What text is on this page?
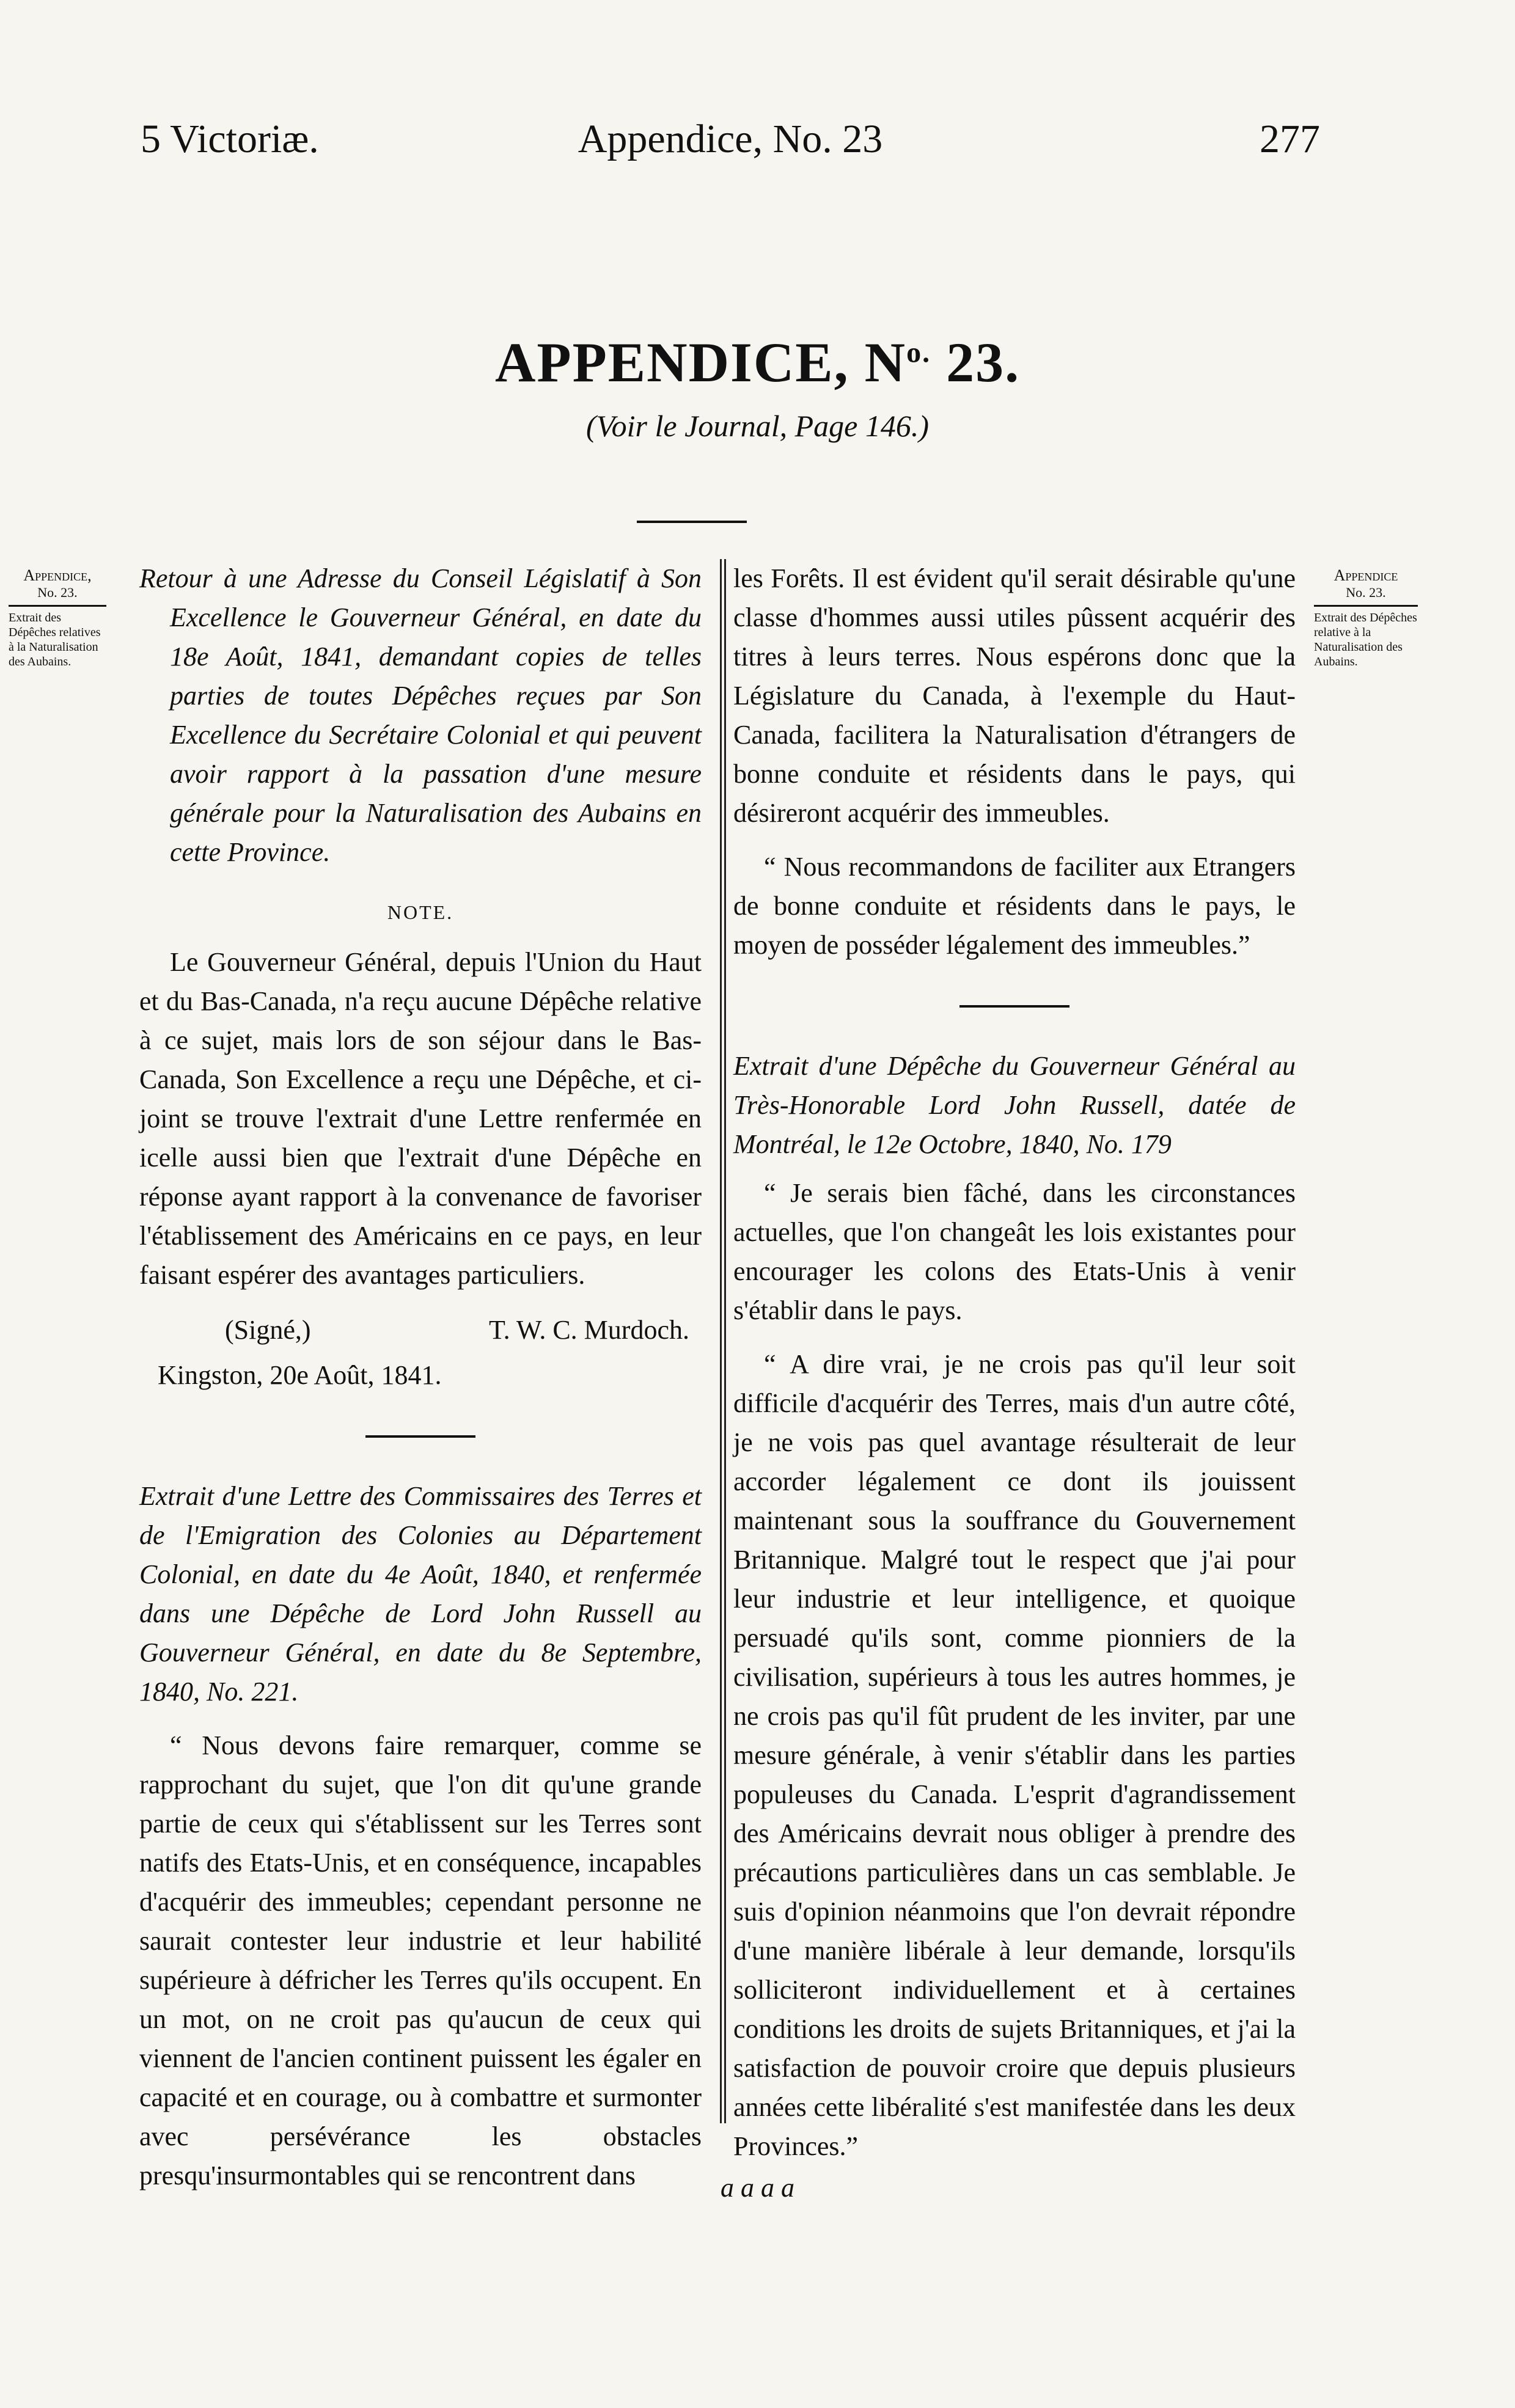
5 Victoriæ.	Appendice, No. 23	277
APPENDICE, $N^{o.}$ 23.
(Voir le Journal, Page 146.)
Appendice,
No. 23.
Extrait des Dépêches relatives à la Naturalisation des Aubains.
Appendice
No. 23.
Extrait des Dépêches relative à la Naturalisation des Aubains.

Retour à une Adresse du Conseil Législatif à Son Excellence le Gouverneur Général, en date du 18e Août, 1841, demandant copies de telles parties de toutes Dépêches reçues par Son Excellence du Secrétaire Colonial et qui peuvent avoir rapport à la passation d'une mesure générale pour la Naturalisation des Aubains en cette Province.

NOTE.

Le Gouverneur Général, depuis l'Union du Haut et du Bas-Canada, n'a reçu aucune Dépêche relative à ce sujet, mais lors de son séjour dans le Bas-Canada, Son Excellence a reçu une Dépêche, et ci-joint se trouve l'extrait d'une Lettre renfermée en icelle aussi bien que l'extrait d'une Dépêche en réponse ayant rapport à la convenance de favoriser l'établissement des Américains en ce pays, en leur faisant espérer des avantages particuliers.

(Signé,)	T. W. C. Murdoch.

Kingston, 20e Août, 1841.

Extrait d'une Lettre des Commissaires des Terres et de l'Emigration des Colonies au Département Colonial, en date du 4e Août, 1840, et renfermée dans une Dépêche de Lord John Russell au Gouverneur Général, en date du 8e Septembre, 1840, No. 221.

“ Nous devons faire remarquer, comme se rapprochant du sujet, que l'on dit qu'une grande partie de ceux qui s'établissent sur les Terres sont natifs des Etats-Unis, et en conséquence, incapables d'acquérir des immeubles; cependant personne ne saurait contester leur industrie et leur habilité supérieure à défricher les Terres qu'ils occupent. En un mot, on ne croit pas qu'aucun de ceux qui viennent de l'ancien continent puissent les égaler en capacité et en courage, ou à combattre et surmonter avec persévérance les obstacles presqu'insurmontables qui se rencontrent dans

les Forêts. Il est évident qu'il serait désirable qu'une classe d'hommes aussi utiles pûssent acquérir des titres à leurs terres. Nous espérons donc que la Législature du Canada, à l'exemple du Haut-Canada, facilitera la Naturalisation d'étrangers de bonne conduite et résidents dans le pays, qui désireront acquérir des immeubles.

“ Nous recommandons de faciliter aux Etrangers de bonne conduite et résidents dans le pays, le moyen de posséder légalement des immeubles.”

Extrait d'une Dépêche du Gouverneur Général au Très-Honorable Lord John Russell, datée de Montréal, le 12e Octobre, 1840, No. 179

“ Je serais bien fâché, dans les circonstances actuelles, que l'on changeât les lois existantes pour encourager les colons des Etats-Unis à venir s'établir dans le pays.

“ A dire vrai, je ne crois pas qu'il leur soit difficile d'acquérir des Terres, mais d'un autre côté, je ne vois pas quel avantage résulterait de leur accorder légalement ce dont ils jouissent maintenant sous la souffrance du Gouvernement Britannique. Malgré tout le respect que j'ai pour leur industrie et leur intelligence, et quoique persuadé qu'ils sont, comme pionniers de la civilisation, supérieurs à tous les autres hommes, je ne crois pas qu'il fût prudent de les inviter, par une mesure générale, à venir s'établir dans les parties populeuses du Canada. L'esprit d'agrandissement des Américains devrait nous obliger à prendre des précautions particulières dans un cas semblable. Je suis d'opinion néanmoins que l'on devrait répondre d'une manière libérale à leur demande, lorsqu'ils solliciteront individuellement et à certaines conditions les droits de sujets Britanniques, et j'ai la satisfaction de pouvoir croire que depuis plusieurs années cette libéralité s'est manifestée dans les deux Provinces.”

a a a a
